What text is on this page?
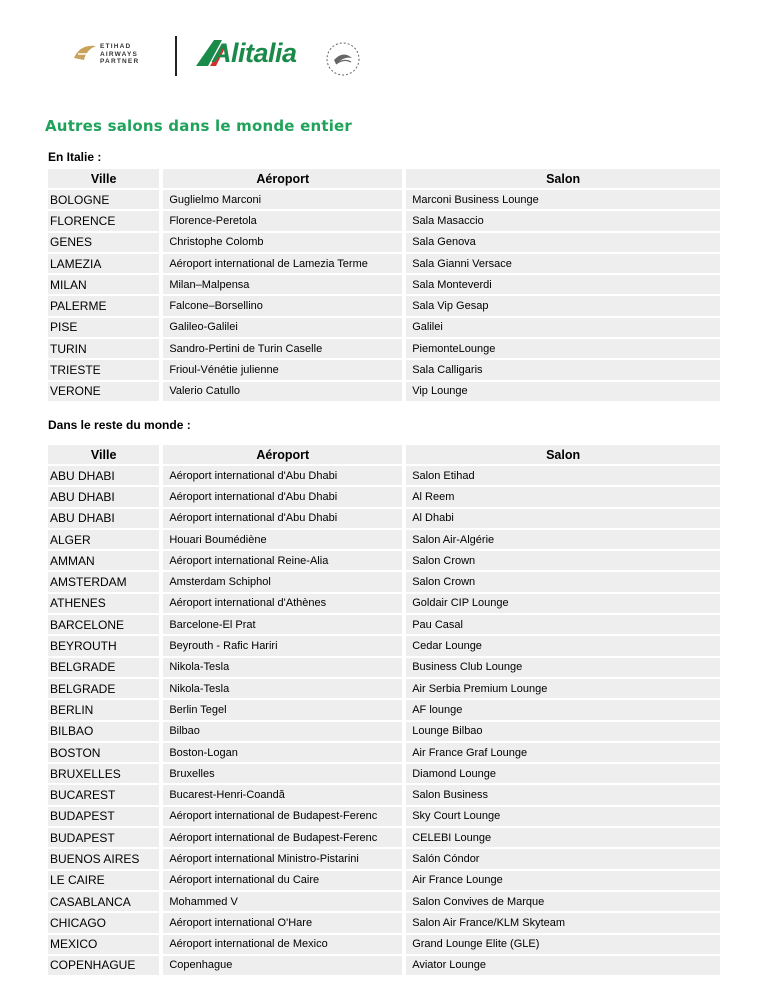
ETIHAD
AIRWAYS
PARTNER	Alitalia
Autres salons dans le monde entier
En Italie :
Ville	Aéroport	Salon
BOLOGNE	Guglielmo Marconi	Marconi Business Lounge
FLORENCE	Florence-Peretola	Sala Masaccio
GENES	Christophe Colomb	Sala Genova
LAMEZIA	Aéroport international de Lamezia Terme	Sala Gianni Versace
MILAN	Milan–Malpensa	Sala Monteverdi
PALERME	Falcone–Borsellino	Sala Vip Gesap
PISE	Galileo-Galilei	Galilei
TURIN	Sandro-Pertini de Turin Caselle	PiemonteLounge
TRIESTE	Frioul-Vénétie julienne	Sala Calligaris
VERONE	Valerio Catullo	Vip Lounge
Dans le reste du monde :
Ville	Aéroport	Salon
ABU DHABI	Aéroport international d'Abu Dhabi	Salon Etihad
ABU DHABI	Aéroport international d'Abu Dhabi	Al Reem
ABU DHABI	Aéroport international d'Abu Dhabi	Al Dhabi
ALGER	Houari Boumédiène	Salon Air-Algérie
AMMAN	Aéroport international Reine-Alia	Salon Crown
AMSTERDAM	Amsterdam Schiphol	Salon Crown
ATHENES	Aéroport international d'Athènes	Goldair CIP Lounge
BARCELONE	Barcelone-El Prat	Pau Casal
BEYROUTH	Beyrouth - Rafic Hariri	Cedar Lounge
BELGRADE	Nikola-Tesla	Business Club Lounge
BELGRADE	Nikola-Tesla	Air Serbia Premium Lounge
BERLIN	Berlin Tegel	AF lounge
BILBAO	Bilbao	Lounge Bilbao
BOSTON	Boston-Logan	Air France Graf Lounge
BRUXELLES	Bruxelles	Diamond Lounge
BUCAREST	Bucarest-Henri-Coandă	Salon Business
BUDAPEST	Aéroport international de Budapest-Ferenc	Sky Court Lounge
BUDAPEST	Aéroport international de Budapest-Ferenc	CELEBI Lounge
BUENOS AIRES	Aéroport international Ministro-Pistarini	Salón Cóndor
LE CAIRE	Aéroport international du Caire	Air France Lounge
CASABLANCA	Mohammed V	Salon Convives de Marque
CHICAGO	Aéroport international O'Hare	Salon Air France/KLM Skyteam
MEXICO	Aéroport international de Mexico	Grand Lounge Elite (GLE)
COPENHAGUE	Copenhague	Aviator Lounge
